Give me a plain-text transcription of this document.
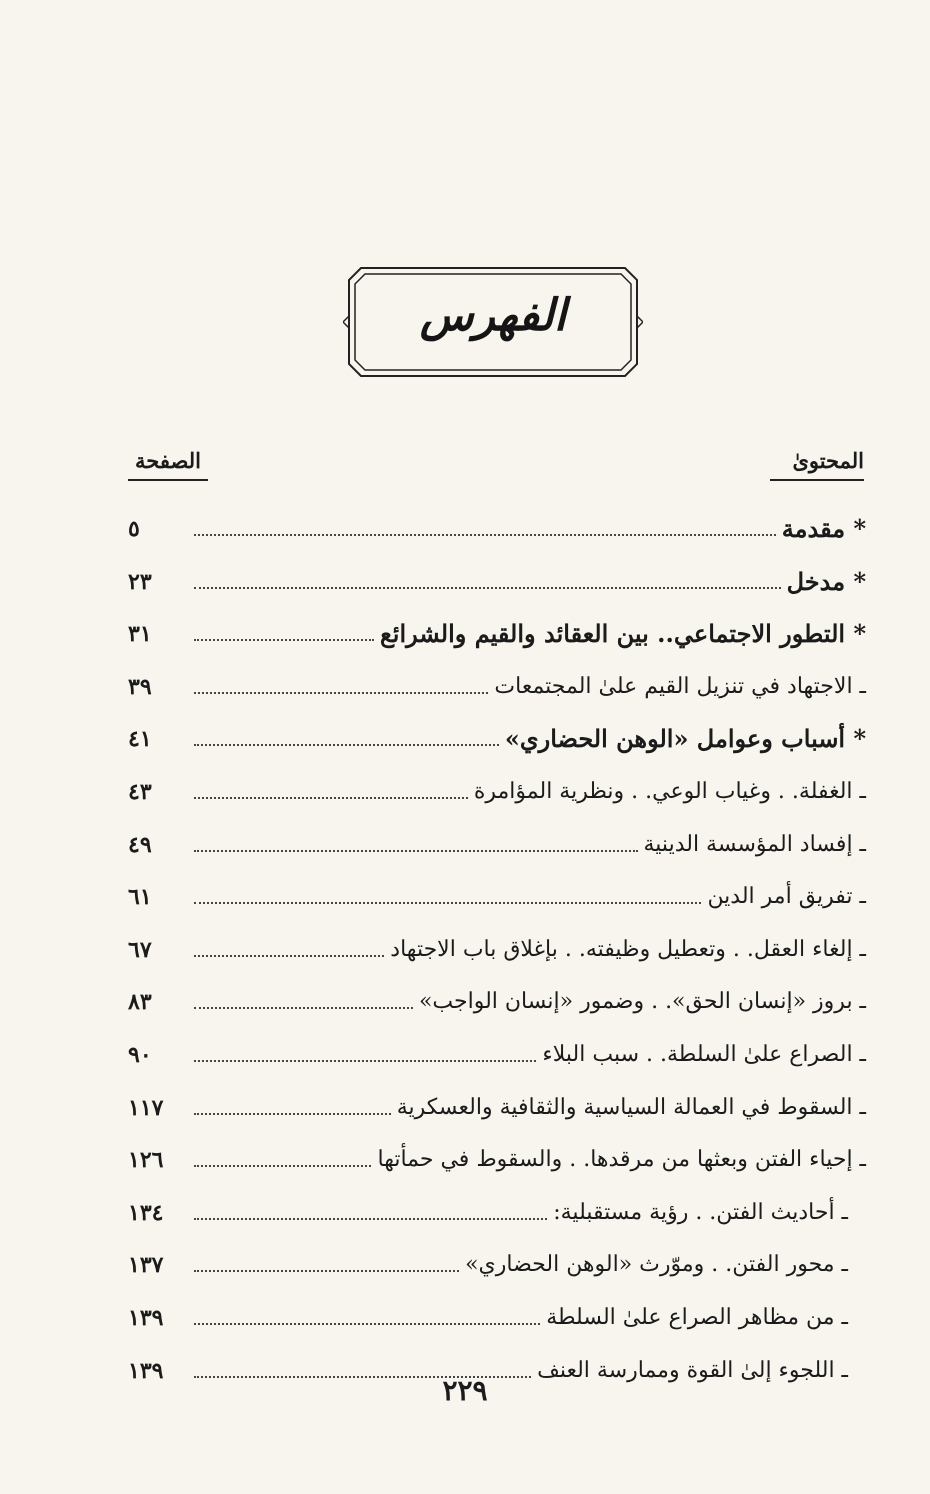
الفهرس
المحتوىٰ
الصفحة
* مقدمة
٥
* مدخل
٢٣
* التطور الاجتماعي.. بين العقائد والقيم والشرائع
٣١
ـ الاجتهاد في تنزيل القيم علىٰ المجتمعات
٣٩
* أسباب وعوامل «الوهن الحضاري»
٤١
ـ الغفلة. . وغياب الوعي. . ونظرية المؤامرة
٤٣
ـ إفساد المؤسسة الدينية
٤٩
ـ تفريق أمر الدين
٦١
ـ إلغاء العقل. . وتعطيل وظيفته. . بإغلاق باب الاجتهاد
٦٧
ـ بروز «إنسان الحق». . وضمور «إنسان الواجب»
٨٣
ـ الصراع علىٰ السلطة. . سبب البلاء
٩٠
ـ السقوط في العمالة السياسية والثقافية والعسكرية
١١٧
ـ إحياء الفتن وبعثها من مرقدها. . والسقوط في حمأتها
١٢٦
ـ أحاديث الفتن. . رؤية مستقبلية:
١٣٤
ـ محور الفتن. . وموّرث «الوهن الحضاري»
١٣٧
ـ من مظاهر الصراع علىٰ السلطة
١٣٩
ـ اللجوء إلىٰ القوة وممارسة العنف
١٣٩
٢٢٩
